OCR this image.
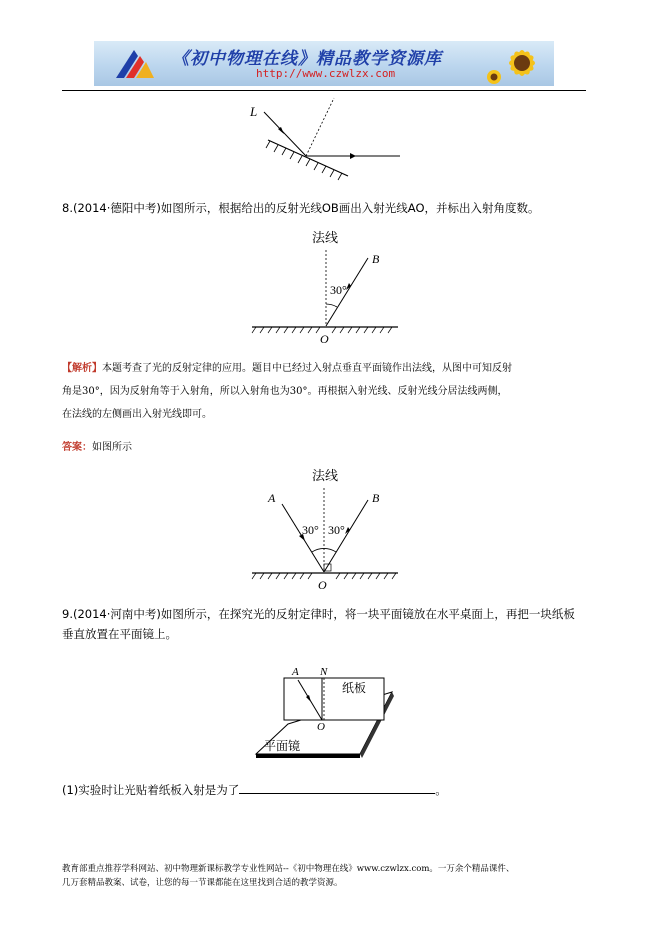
《初中物理在线》精品教学资源库
http://www.czwlzx.com
L
8.(2014·德阳中考)如图所示，根据给出的反射光线OB画出入射光线AO，并标出入射角度数。
法线
30°
B
O
【解析】本题考查了光的反射定律的应用。题目中已经过入射点垂直平面镜作出法线，从图中可知反射
角是30°，因为反射角等于入射角，所以入射角也为30°。再根据入射光线、反射光线分居法线两侧，
在法线的左侧画出入射光线即可。
答案：如图所示
法线
30° 30°
A	B
O
9.(2014·河南中考)如图所示，在探究光的反射定律时，将一块平面镜放在水平桌面上，再把一块纸板
垂直放置在平面镜上。
A N
O
纸板
平面镜
(1)实验时让光贴着纸板入射是为了	。
教育部重点推荐学科网站、初中物理新课标教学专业性网站--《初中物理在线》www.czwlzx.com。一万余个精品课件、
几万套精品教案、试卷，让您的每一节课都能在这里找到合适的教学资源。
